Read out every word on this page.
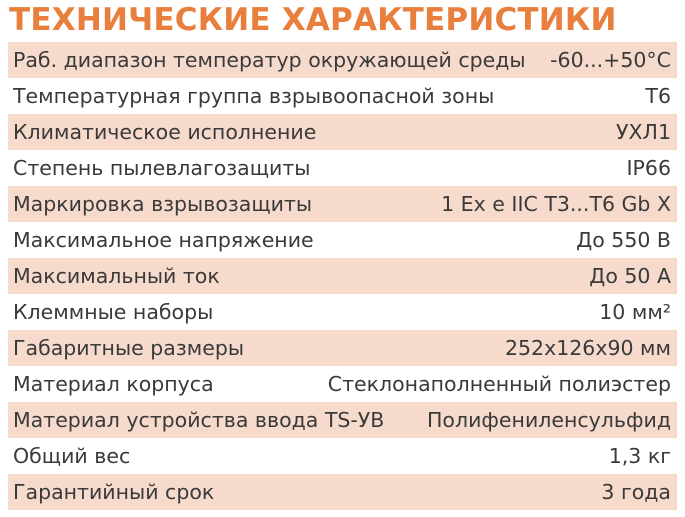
ТЕХНИЧЕСКИЕ ХАРАКТЕРИСТИКИ
Раб. диапазон температур окружающей среды	-60...+50°C
Температурная группа взрывоопасной зоны	T6
Климатическое исполнение	УХЛ1
Степень пылевлагозащиты	IP66
Маркировка взрывозащиты	1 Ex e IIC T3...T6 Gb X
Максимальное напряжение	До 550 В
Максимальный ток	До 50 А
Клеммные наборы	10 мм²
Габаритные размеры	252х126х90 мм
Материал корпуса	Стеклонаполненный полиэстер
Материал устройства ввода TS-УВ	Полифениленсульфид
Общий вес	1,3 кг
Гарантийный срок	3 года
